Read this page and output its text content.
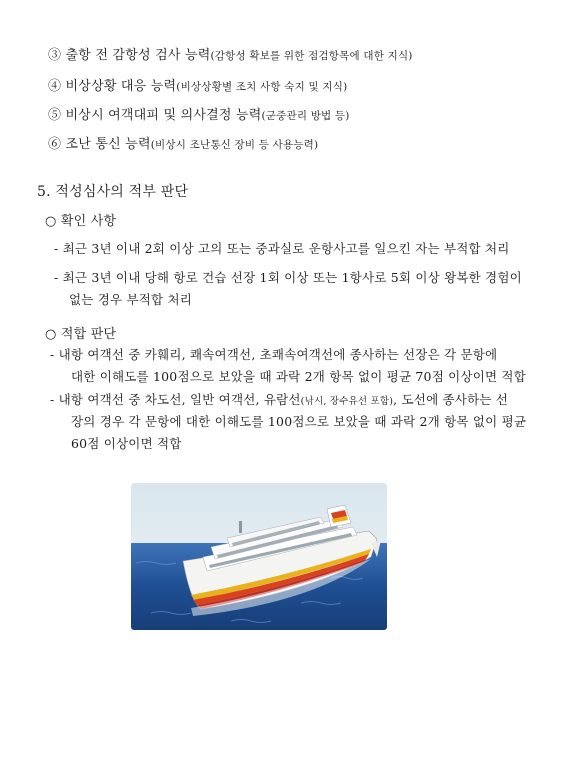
③ 출항 전 감항성 검사 능력(감항성 확보를 위한 점검항목에 대한 지식)
④ 비상상황 대응 능력(비상상황별 조치 사항 숙지 및 지식)
⑤ 비상시 여객대피 및 의사결정 능력(군중관리 방법 등)
⑥ 조난 통신 능력(비상시 조난통신 장비 등 사용능력)
5. 적성심사의 적부 판단
○ 확인 사항
- 최근 3년 이내 2회 이상 고의 또는 중과실로 운항사고를 일으킨 자는 부적합 처리
- 최근 3년 이내 당해 항로 건습 선장 1회 이상 또는 1항사로 5회 이상 왕복한 경험이
없는 경우 부적합 처리
○ 적합 판단
- 내항 여객선 중 카훼리, 쾌속여객선, 초쾌속여객선에 종사하는 선장은 각 문항에
대한 이해도를 100점으로 보았을 때 과락 2개 항목 없이 평균 70점 이상이면 적합
- 내항 여객선 중 차도선, 일반 여객선, 유람선(낚시, 장수유선 포함), 도선에 종사하는 선
장의 경우 각 문항에 대한 이해도를 100점으로 보았을 때 과락 2개 항목 없이 평균
60점 이상이면 적합
